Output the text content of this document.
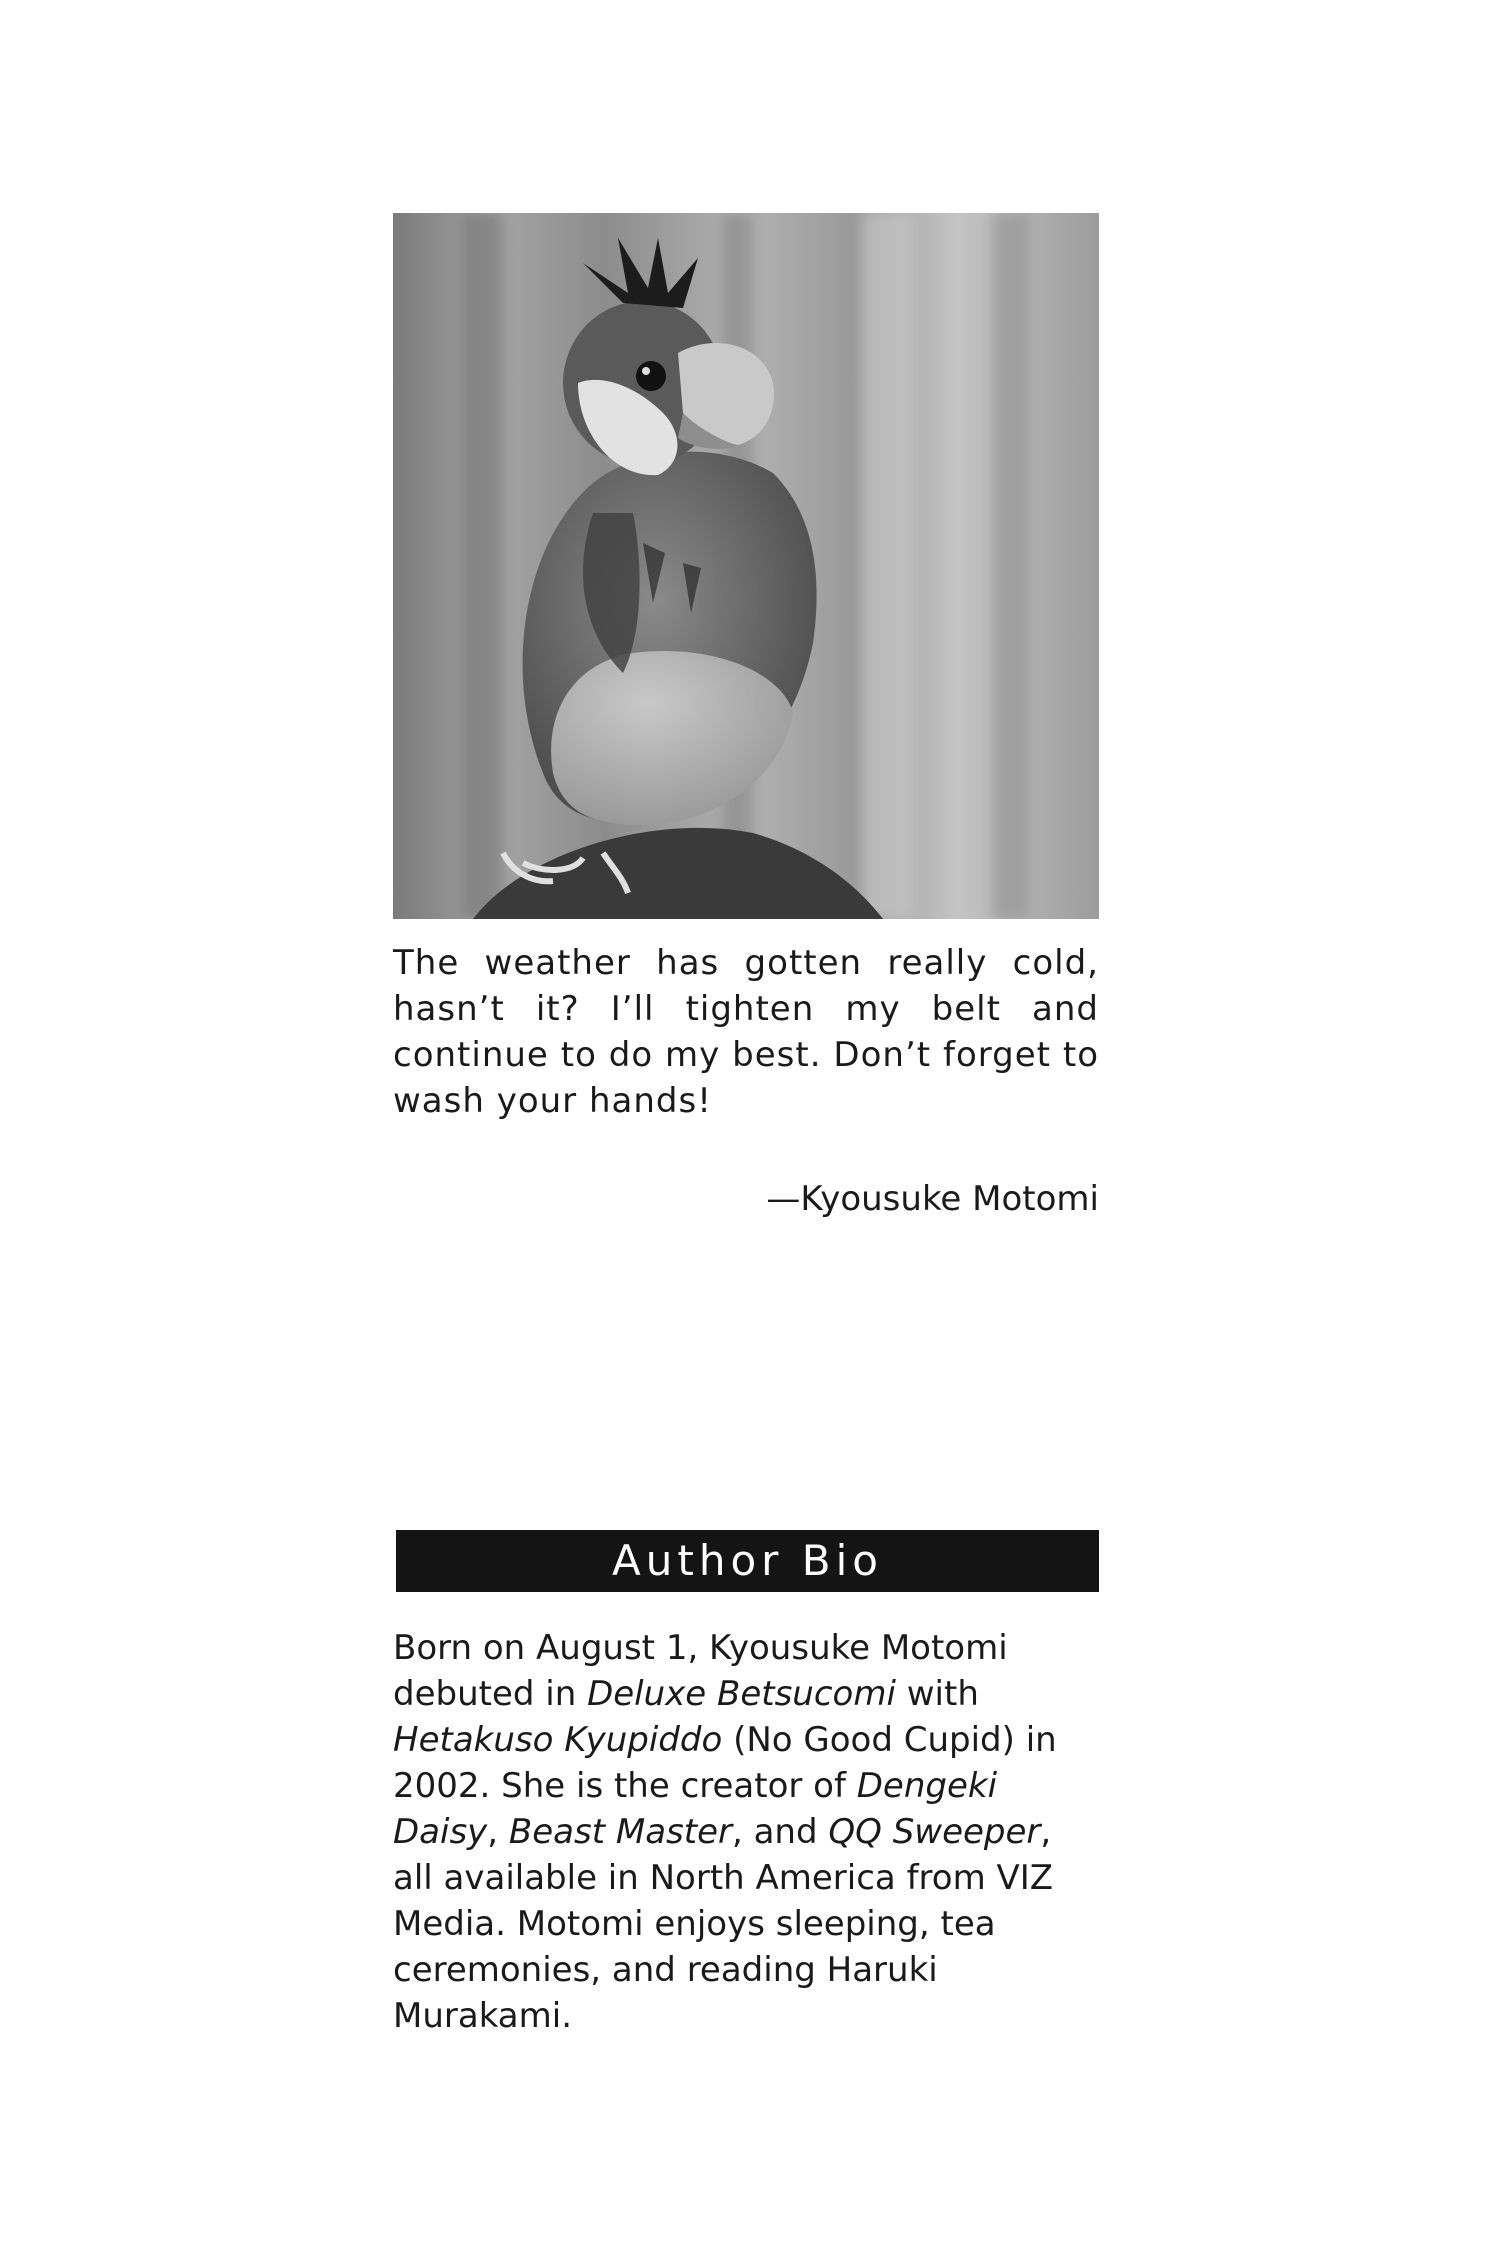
The weather has gotten really cold, hasn’t it? I’ll tighten my belt and continue to do my best. Don’t forget to wash your hands!

—Kyousuke Motomi

Author Bio

Born on August 1, Kyousuke Motomi debuted in Deluxe Betsucomi with Hetakuso Kyupiddo (No Good Cupid) in 2002. She is the creator of Dengeki Daisy, Beast Master, and QQ Sweeper, all available in North America from VIZ Media. Motomi enjoys sleeping, tea ceremonies, and reading Haruki Murakami.
